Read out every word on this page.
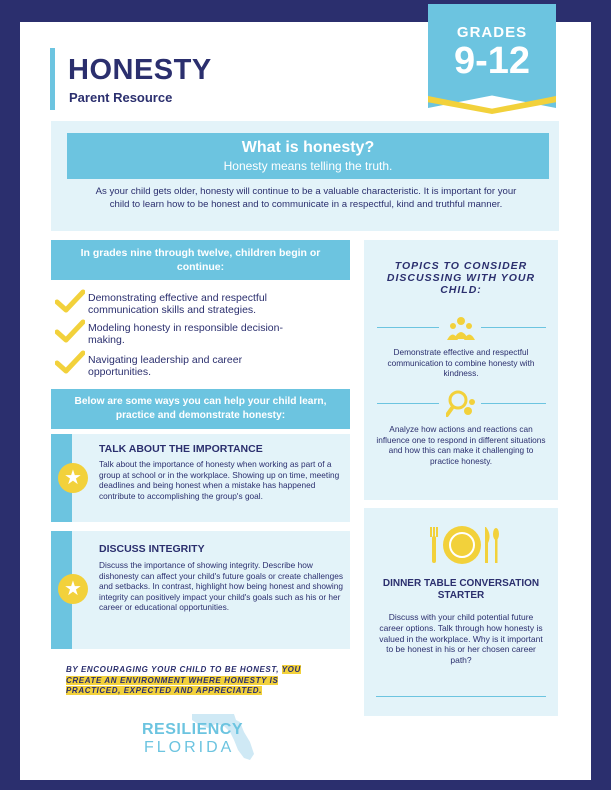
HONESTY
Parent Resource
GRADES
9-12
What is honesty?
Honesty means telling the truth.
As your child gets older, honesty will continue to be a valuable characteristic. It is important for your child to learn how to be honest and to communicate in a respectful, kind and truthful manner.
In grades nine through twelve, children begin or continue:
Demonstrating effective and respectful communication skills and strategies.
Modeling honesty in responsible decision-making.
Navigating leadership and career opportunities.
Below are some ways you can help your child learn, practice and demonstrate honesty:
★
TALK ABOUT THE IMPORTANCE
Talk about the importance of honesty when working as part of a group at school or in the workplace. Showing up on time, meeting deadlines and being honest when a mistake has happened contribute to accomplishing the group's goal.
★
DISCUSS INTEGRITY
Discuss the importance of showing integrity. Describe how dishonesty can affect your child's future goals or create challenges and setbacks. In contrast, highlight how being honest and showing integrity can positively impact your child's goals such as his or her career or educational opportunities.
BY ENCOURAGING YOUR CHILD TO BE HONEST, YOU CREATE AN ENVIRONMENT WHERE HONESTY IS PRACTICED, EXPECTED AND APPRECIATED.
RESILIENCY
FLORIDA
TOPICS TO CONSIDER DISCUSSING WITH YOUR CHILD:
Demonstrate effective and respectful communication to combine honesty with kindness.
Analyze how actions and reactions can influence one to respond in different situations and how this can make it challenging to practice honesty.
DINNER TABLE CONVERSATION STARTER
Discuss with your child potential future career options. Talk through how honesty is valued in the workplace. Why is it important to be honest in his or her chosen career path?
